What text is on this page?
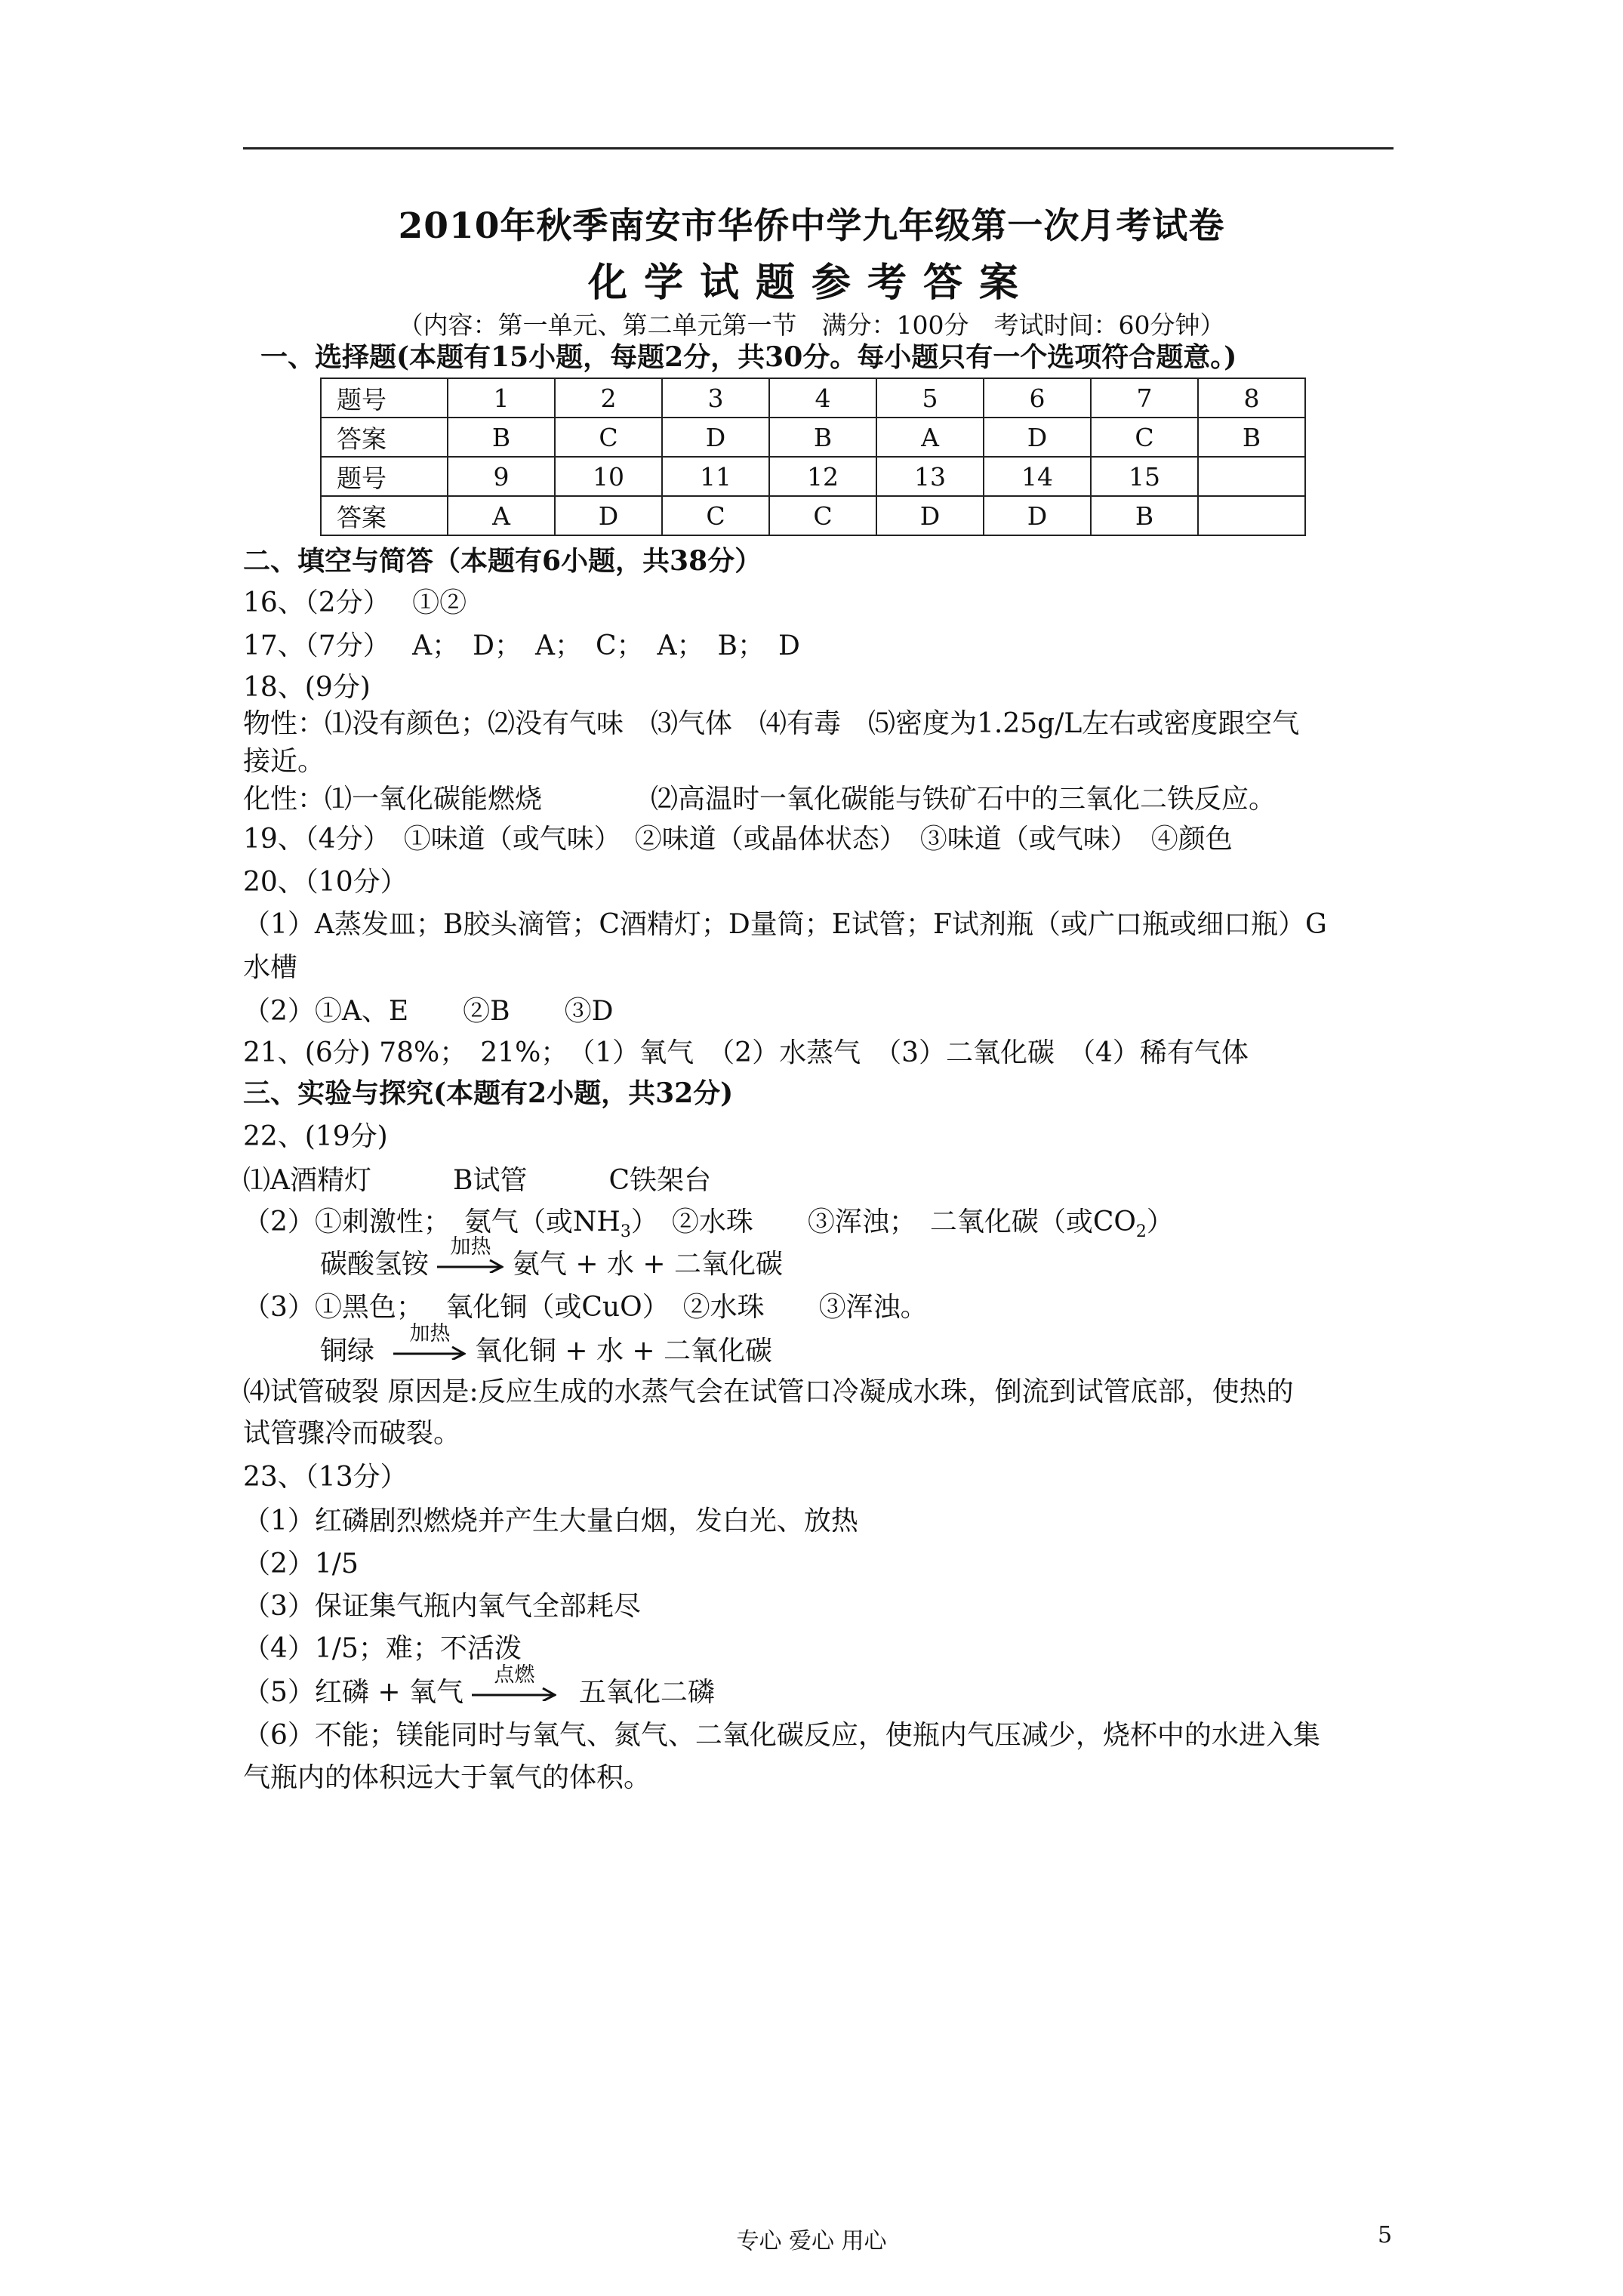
2010年秋季南安市华侨中学九年级第一次月考试卷
化学试题参考答案
（内容：第一单元、第二单元第一节　满分：100分　考试时间：60分钟）
一、选择题(本题有15小题，每题2分，共30分。每小题只有一个选项符合题意。)
题号	1	2	3	4	5	6	7	8
答案	B	C	D	B	A	D	C	B
题号	9	10	11	12	13	14	15	
答案	A	D	C	C	D	D	B	
二、填空与简答（本题有6小题，共38分）
16、（2分）　 ①②
17、（7分）　 A；　D；　A；　C；　A；　B；　D
18、(9分)
物性：⑴没有颜色；⑵没有气味　⑶气体　⑷有毒　⑸密度为1.25g/L左右或密度跟空气
接近。
化性：⑴一氧化碳能燃烧　　　　⑵高温时一氧化碳能与铁矿石中的三氧化二铁反应。
19、（4分）　①味道（或气味）　②味道（或晶体状态）　③味道（或气味）　④颜色
20、（10分）
（1）A蒸发皿；B胶头滴管；C酒精灯；D量筒；E试管；F试剂瓶（或广口瓶或细口瓶）G
水槽
（2）①A、E　　②B　　③D
21、(6分) 78%；　21%；　（1）氧气　（2）水蒸气　（3）二氧化碳　（4）稀有气体
三、实验与探究(本题有2小题，共32分)
22、(19分)
⑴A酒精灯　　　B试管　　　C铁架台
（2）①刺激性；　氨气（或$NH_3$）　②水珠　　③浑浊；　二氧化碳（或$CO_2$）
碳酸氢铵
加热
氨气 + 水 + 二氧化碳
（3）①黑色；　 氧化铜（或CuO）　②水珠　　③浑浊。
铜绿
加热
氧化铜 + 水 + 二氧化碳
⑷试管破裂 原因是:反应生成的水蒸气会在试管口冷凝成水珠，倒流到试管底部，使热的
试管骤冷而破裂。
23、（13分）
（1）红磷剧烈燃烧并产生大量白烟，发白光、放热
（2）1/5
（3）保证集气瓶内氧气全部耗尽
（4）1/5；难；不活泼
（5）红磷 + 氧气
点燃
五氧化二磷
（6）不能；镁能同时与氧气、氮气、二氧化碳反应，使瓶内气压减少，烧杯中的水进入集
气瓶内的体积远大于氧气的体积。
专心 爱心 用心	5
